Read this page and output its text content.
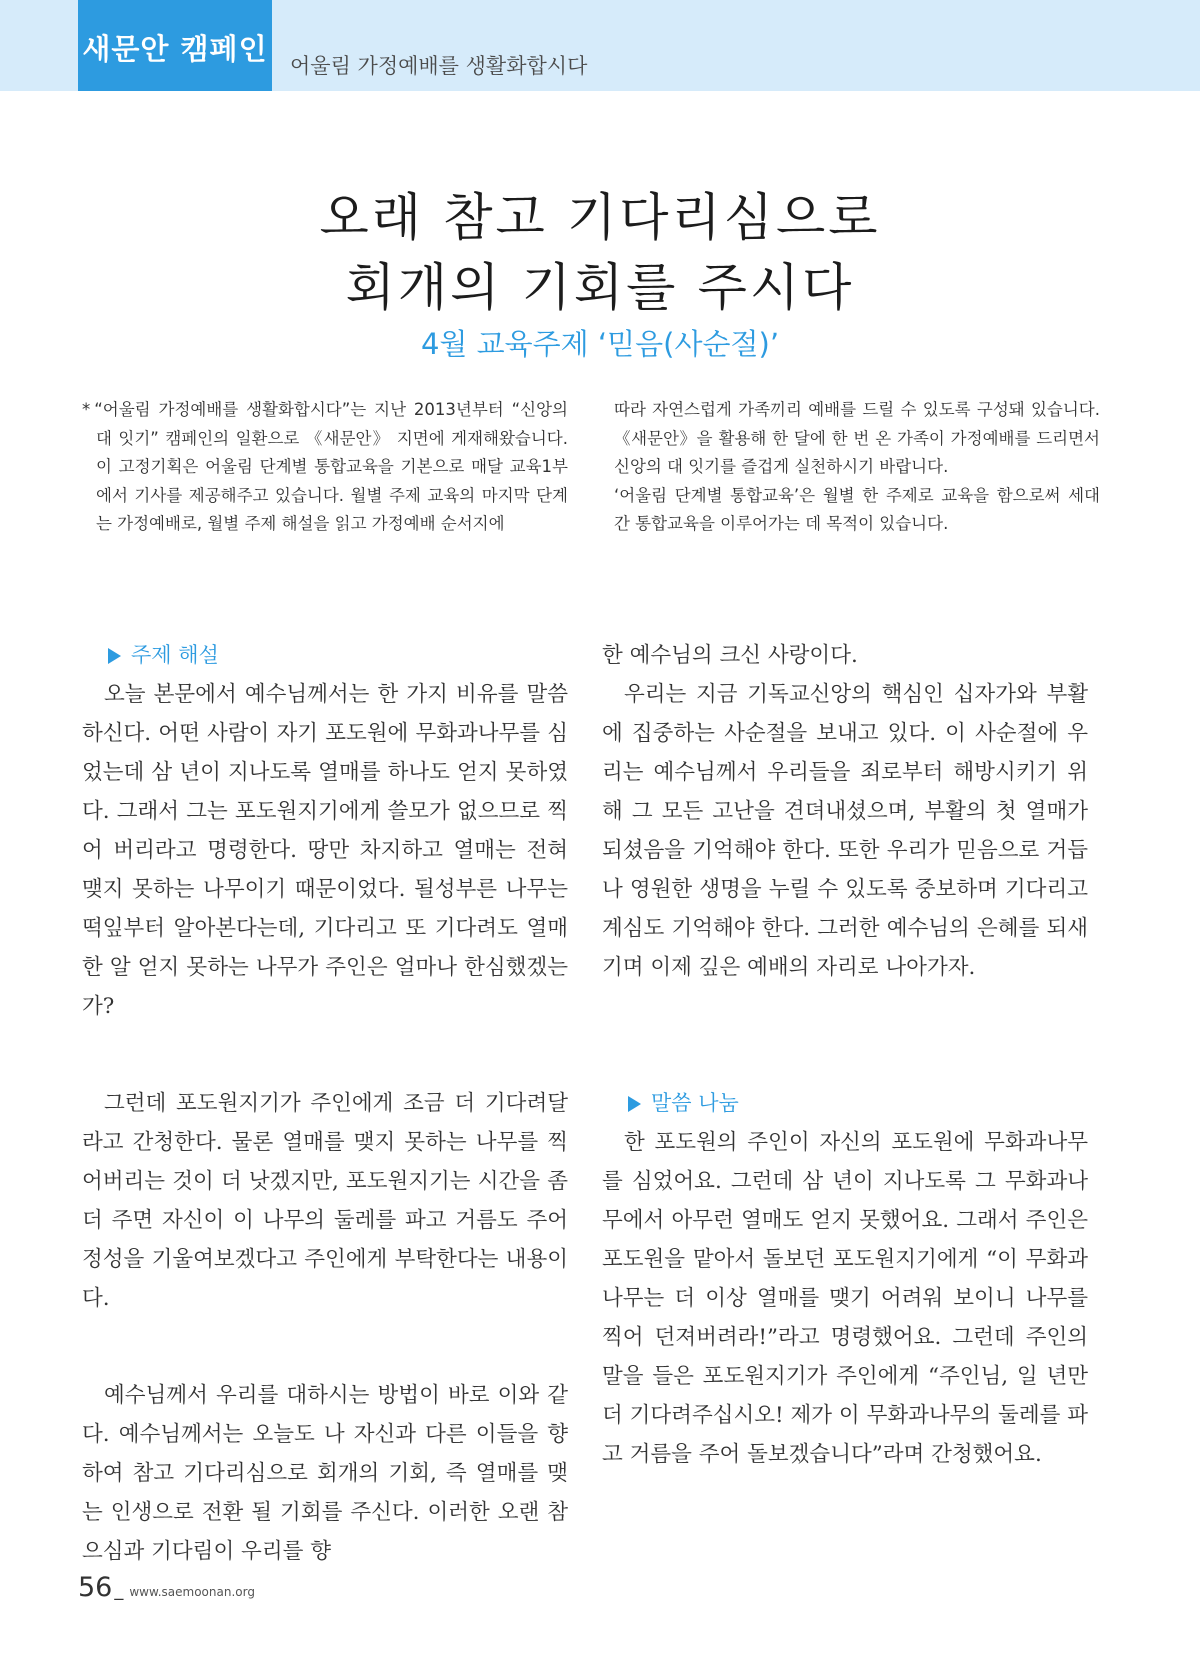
새문안 캠페인 어울림 가정예배를 생활화합시다
오래 참고 기다리심으로
회개의 기회를 주시다
4월 교육주제 ‘믿음(사순절)’

* “어울림 가정예배를 생활화합시다”는 지난 2013년부터 “신앙의 대 잇기” 캠페인의 일환으로 《새문안》 지면에 게재해왔습니다. 이 고정기획은 어울림 단계별 통합교육을 기본으로 매달 교육1부에서 기사를 제공해주고 있습니다. 월별 주제 교육의 마지막 단계는 가정예배로, 월별 주제 해설을 읽고 가정예배 순서지에

따라 자연스럽게 가족끼리 예배를 드릴 수 있도록 구성돼 있습니다. 《새문안》을 활용해 한 달에 한 번 온 가족이 가정예배를 드리면서 신앙의 대 잇기를 즐겁게 실천하시기 바랍니다.

‘어울림 단계별 통합교육’은 월별 한 주제로 교육을 함으로써 세대 간 통합교육을 이루어가는 데 목적이 있습니다.

주제 해설

오늘 본문에서 예수님께서는 한 가지 비유를 말씀하신다. 어떤 사람이 자기 포도원에 무화과나무를 심었는데 삼 년이 지나도록 열매를 하나도 얻지 못하였다. 그래서 그는 포도원지기에게 쓸모가 없으므로 찍어 버리라고 명령한다. 땅만 차지하고 열매는 전혀 맺지 못하는 나무이기 때문이었다. 될성부른 나무는 떡잎부터 알아본다는데, 기다리고 또 기다려도 열매 한 알 얻지 못하는 나무가 주인은 얼마나 한심했겠는가?

그런데 포도원지기가 주인에게 조금 더 기다려달라고 간청한다. 물론 열매를 맺지 못하는 나무를 찍어버리는 것이 더 낫겠지만, 포도원지기는 시간을 좀 더 주면 자신이 이 나무의 둘레를 파고 거름도 주어 정성을 기울여보겠다고 주인에게 부탁한다는 내용이다.

예수님께서 우리를 대하시는 방법이 바로 이와 같다. 예수님께서는 오늘도 나 자신과 다른 이들을 향하여 참고 기다리심으로 회개의 기회, 즉 열매를 맺는 인생으로 전환 될 기회를 주신다. 이러한 오랜 참으심과 기다림이 우리를 향

한 예수님의 크신 사랑이다.

우리는 지금 기독교신앙의 핵심인 십자가와 부활에 집중하는 사순절을 보내고 있다. 이 사순절에 우리는 예수님께서 우리들을 죄로부터 해방시키기 위해 그 모든 고난을 견뎌내셨으며, 부활의 첫 열매가 되셨음을 기억해야 한다. 또한 우리가 믿음으로 거듭나 영원한 생명을 누릴 수 있도록 중보하며 기다리고 계심도 기억해야 한다. 그러한 예수님의 은혜를 되새기며 이제 깊은 예배의 자리로 나아가자.

말씀 나눔

한 포도원의 주인이 자신의 포도원에 무화과나무를 심었어요. 그런데 삼 년이 지나도록 그 무화과나무에서 아무런 열매도 얻지 못했어요. 그래서 주인은 포도원을 맡아서 돌보던 포도원지기에게 “이 무화과나무는 더 이상 열매를 맺기 어려워 보이니 나무를 찍어 던져버려라!”라고 명령했어요. 그런데 주인의 말을 들은 포도원지기가 주인에게 “주인님, 일 년만 더 기다려주십시오! 제가 이 무화과나무의 둘레를 파고 거름을 주어 돌보겠습니다”라며 간청했어요.

56 _ www.saemoonan.org
